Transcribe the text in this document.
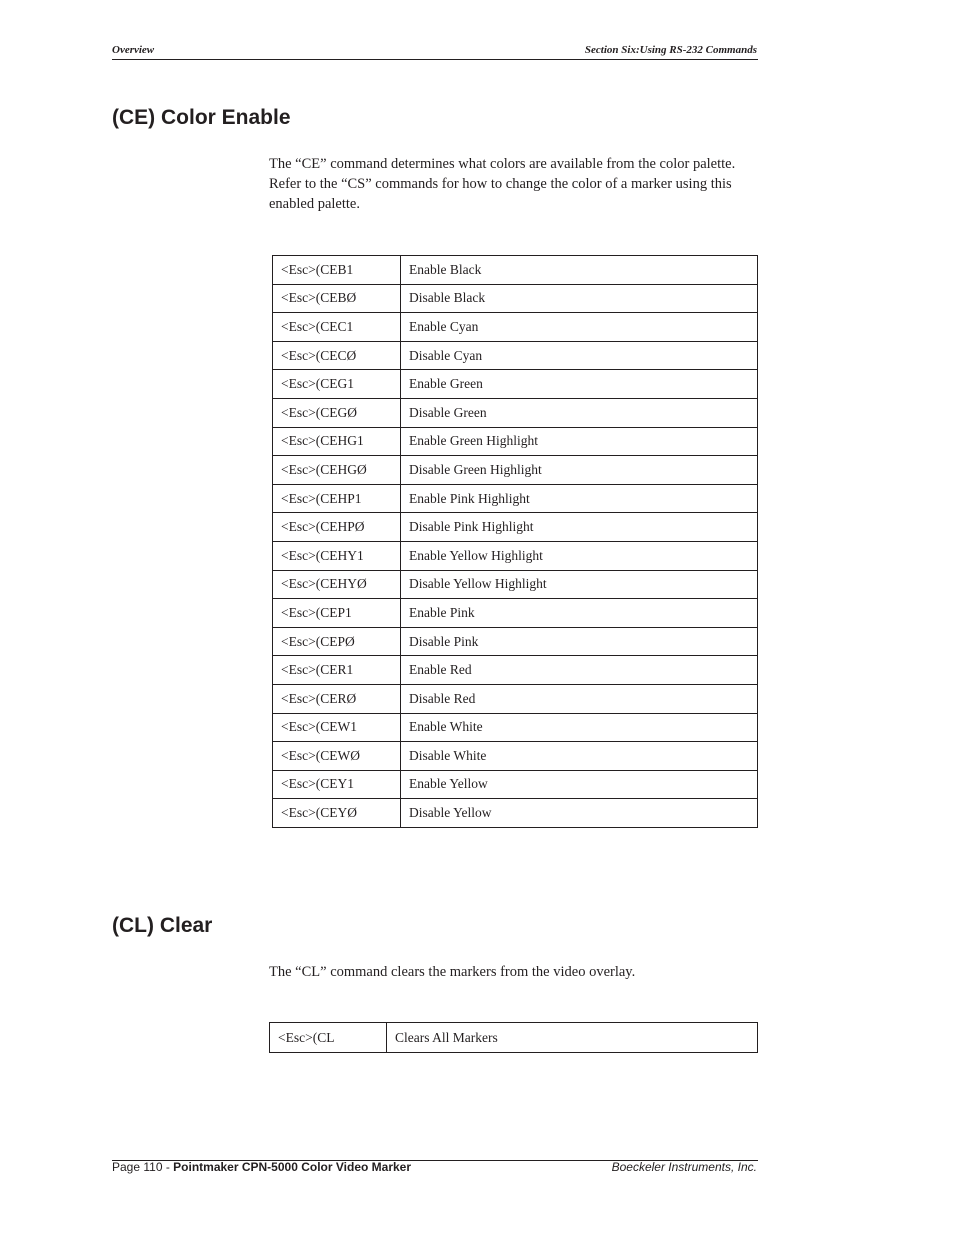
Overview	Section Six:Using RS-232 Commands
(CE) Color Enable

The “CE” command determines what colors are available from the color palette. Refer to the “CS” commands for how to change the color of a marker using this enabled palette.

<Esc>(CEB1	Enable Black
<Esc>(CEBØ	Disable Black
<Esc>(CEC1	Enable Cyan
<Esc>(CECØ	Disable Cyan
<Esc>(CEG1	Enable Green
<Esc>(CEGØ	Disable Green
<Esc>(CEHG1	Enable Green Highlight
<Esc>(CEHGØ	Disable Green Highlight
<Esc>(CEHP1	Enable Pink Highlight
<Esc>(CEHPØ	Disable Pink Highlight
<Esc>(CEHY1	Enable Yellow Highlight
<Esc>(CEHYØ	Disable Yellow Highlight
<Esc>(CEP1	Enable Pink
<Esc>(CEPØ	Disable Pink
<Esc>(CER1	Enable Red
<Esc>(CERØ	Disable Red
<Esc>(CEW1	Enable White
<Esc>(CEWØ	Disable White
<Esc>(CEY1	Enable Yellow
<Esc>(CEYØ	Disable Yellow
(CL) Clear

The “CL” command clears the markers from the video overlay.

<Esc>(CL	Clears All Markers
Page 110 - Pointmaker CPN-5000 Color Video Marker	Boeckeler Instruments, Inc.
